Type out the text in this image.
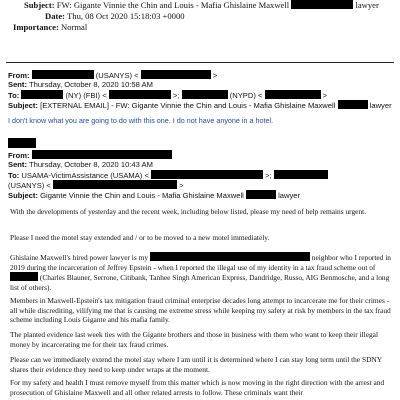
Subject: FW: Gigante Vinnie the Chin and Louis - Mafia Ghislaine Maxwell	lawyer
Date: Thu, 08 Oct 2020 15:18:03 +0000
Importance: Normal
From:	(USANYS) <	>
Sent: Thursday, October 8, 2020 10:58 AM
To:	(NY) (FBI) <	>;	(NYPD) <	>
Subject: [EXTERNAL EMAIL] - FW: Gigante Vinnie the Chin and Louis - Mafia Ghislaine Maxwell	lawyer
I don't know what you are going to do with this one. I do not have anyone in a hotel.
From:
Sent: Thursday, October 8, 2020 10:43 AM
To: USAMA-VictimAssistance (USAMA) <	>;
(USANYS) <	>
Subject: Gigante Vinnie the Chin and Louis - Mafia Ghislaine Maxwell	lawyer
With the developments of yesterday and the recent week, including below listed, please my need of help remains urgent.
Please I need the motel stay extended and / or to be moved to a new motel immediately.
Ghislaine Maxwell's hired power lawyer is my	neighbor who I reported in 2019 during the incarceration of Jeffrey Epstein - when I reported the illegal use of my identity in a tax fraud scheme out of  (Charles Blauner, Serrone, Citibank, Tanhee Singh American Express, Dandridge, Russo, AIG Benmosche, and a long list of others).
Members in Maxwell-Epstein's tax mitigation fraud criminal enterprise decades long attempt to incarcerate me for their crimes - all while discrediting, vilifying me that is causing me extreme stress while keeping my safety at risk by members in the tax fraud scheme including Louis Gigante and his mafia family.
The planted evidence last week ties with the Gigante brothers and those in business with them who want to keep their illegal money by incarcerating me for their tax fraud crimes.
Please can we immediately extend the motel stay where I am until it is determined where I can stay long term until the SDNY shares their evidence they need to keep under wraps at the moment.
For my safety and health I must remove myself from this matter which is now moving in the right direction with the arrest and prosecution of Ghislaine Maxwell and all other related arrests to follow. These criminals want their
